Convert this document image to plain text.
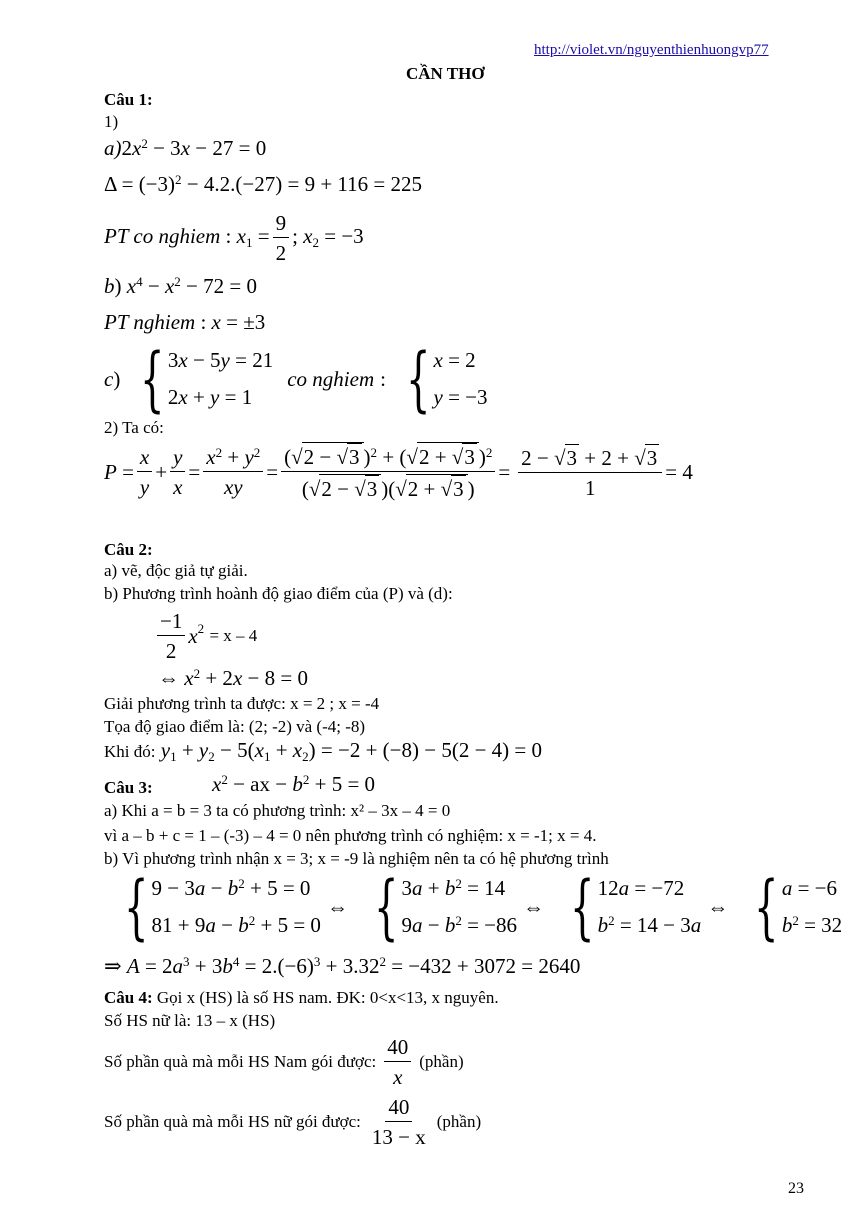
http://violet.vn/nguyenthienhuongvp77
CẦN THƠ
Câu 1:
1)
$a)2x^2 - 3x - 27 = 0$
$\Delta = (-3)^2 - 4.2.(-27) = 9 + 116 = 225$
PT co nghiem : $x_1 = \frac{9}{2}$ ; $x_2 = -3$
b) $x^4 - x^2 - 72 = 0$
PT nghiem : x = ±3
c ) { 3x − 5y = 21
2x + y = 1
co nghiem : { x = 2
y = −3
2) Ta có:
$P = \frac{x}{y} + \frac{y}{x} = \frac{x^2 + y^2}{xy} = \frac{(√2 - √3 )^2 + (√2 + √3 )^2}{(√2 - √3 )(√2 + √3 )} = \frac{2 - √3 + 2 + √3}{1} = 4$
Câu 2:
a) vẽ, độc giả tự giải.
b) Phương trình hoành độ giao điểm của (P) và (d):
$\frac{-1}{2} x^2$
= x – 4
⇔ $x^2 + 2x - 8 = 0$
Giải phương trình ta được: x = 2 ; x = -4
Tọa độ giao điểm là: (2; -2) và (-4; -8)
Khi đó: $y_1 + y_2 - 5(x_1 + x_2) = -2 + (-8) - 5(2 - 4) = 0$
Câu 3:	$x^2$ − ax − $b^2 + 5 = 0$
a) Khi a = b = 3 ta có phương trình: x² – 3x – 4 = 0
vì a – b + c = 1 – (-3) – 4 = 0 nên phương trình có nghiệm: x = -1; x = 4.
b) Vì phương trình nhận x = 3; x = -9 là nghiệm nên ta có hệ phương trình
{ $9 - 3a - b^2 + 5 = 0$
$81 + 9a - b^2 + 5 = 0$
⇔ { $3a + b^2 = 14$
$9a - b^2 = -86$
⇔ { 12a = −72
$b^2 = 14 - 3a$
⇔ { a = −6
$b^2 = 32$
⇒ $A = 2a^3 + 3b^4 = 2.(-6)^3 + 3.32^2 = -432 + 3072 = 2640$
Câu 4: Gọi x (HS) là số HS nam. ĐK: 0<x<13, x nguyên.
Số HS nữ là: 13 – x (HS)
Số phần quà mà mỗi HS Nam gói được: $\frac{40}{x}$ (phần)
Số phần quà mà mỗi HS nữ gói được: $\frac{40}{13 - x}$ (phần)
23
